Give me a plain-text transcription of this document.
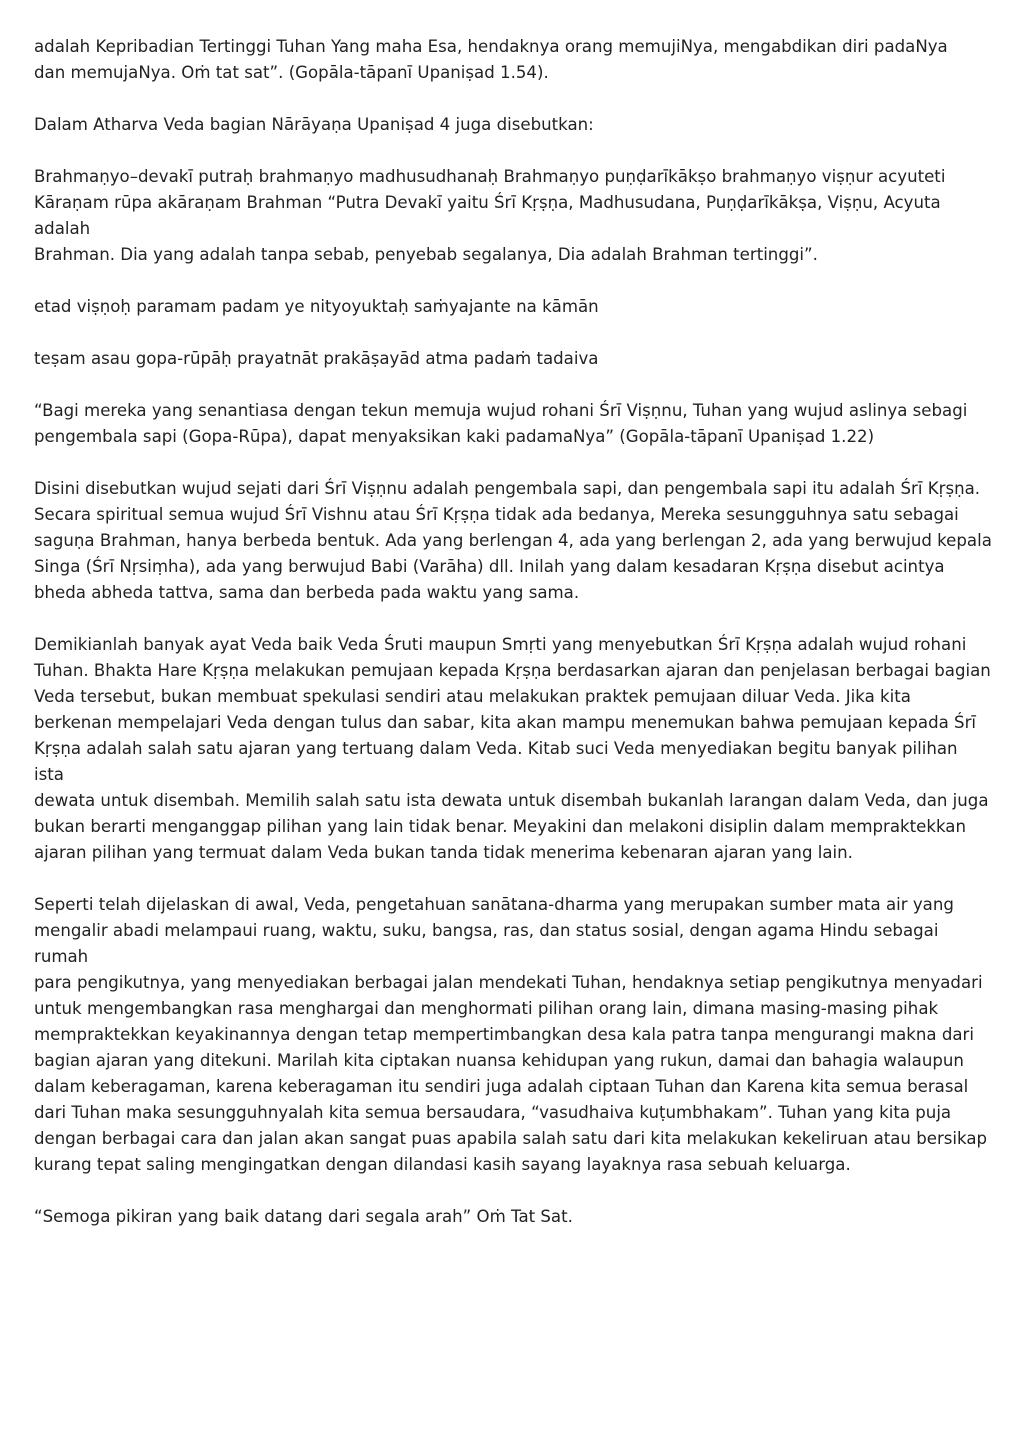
adalah Kepribadian Tertinggi Tuhan Yang maha Esa, hendaknya orang memujiNya, mengabdikan diri padaNya
dan memujaNya. Oṁ tat sat”. (Gopāla-tāpanī Upaniṣad 1.54).

Dalam Atharva Veda bagian Nārāyaṇa Upaniṣad 4 juga disebutkan:

Brahmaṇyo–devakī putraḥ brahmaṇyo madhusudhanaḥ Brahmaṇyo puṇḍarīkākṣo brahmaṇyo viṣṇur acyuteti
Kāraṇam rūpa akāraṇam Brahman “Putra Devakī yaitu Śrī Kṛṣṇa, Madhusudana, Puṇḍarīkākṣa, Viṣṇu, Acyuta adalah
Brahman. Dia yang adalah tanpa sebab, penyebab segalanya, Dia adalah Brahman tertinggi”.

etad viṣṇoḥ paramam padam ye nityoyuktaḥ saṁyajante na kāmān

teṣam asau gopa-rūpāḥ prayatnāt prakāṣayād atma padaṁ tadaiva

“Bagi mereka yang senantiasa dengan tekun memuja wujud rohani Śrī Viṣṇnu, Tuhan yang wujud aslinya sebagi
pengembala sapi (Gopa-Rūpa), dapat menyaksikan kaki padamaNya” (Gopāla-tāpanī Upaniṣad 1.22)

Disini disebutkan wujud sejati dari Śrī Viṣṇnu adalah pengembala sapi, dan pengembala sapi itu adalah Śrī Kṛṣṇa.
Secara spiritual semua wujud Śrī Vishnu atau Śrī Kṛṣṇa tidak ada bedanya, Mereka sesungguhnya satu sebagai
saguṇa Brahman, hanya berbeda bentuk. Ada yang berlengan 4, ada yang berlengan 2, ada yang berwujud kepala
Singa (Śrī Nṛsiṃha), ada yang berwujud Babi (Varāha) dll. Inilah yang dalam kesadaran Kṛṣṇa disebut acintya
bheda abheda tattva, sama dan berbeda pada waktu yang sama.

Demikianlah banyak ayat Veda baik Veda Śruti maupun Smṛti yang menyebutkan Śrī Kṛṣṇa adalah wujud rohani
Tuhan. Bhakta Hare Kṛṣṇa melakukan pemujaan kepada Kṛṣṇa berdasarkan ajaran dan penjelasan berbagai bagian
Veda tersebut, bukan membuat spekulasi sendiri atau melakukan praktek pemujaan diluar Veda. Jika kita
berkenan mempelajari Veda dengan tulus dan sabar, kita akan mampu menemukan bahwa pemujaan kepada Śrī
Kṛṣṇa adalah salah satu ajaran yang tertuang dalam Veda. Kitab suci Veda menyediakan begitu banyak pilihan ista
dewata untuk disembah. Memilih salah satu ista dewata untuk disembah bukanlah larangan dalam Veda, dan juga
bukan berarti menganggap pilihan yang lain tidak benar. Meyakini dan melakoni disiplin dalam mempraktekkan
ajaran pilihan yang termuat dalam Veda bukan tanda tidak menerima kebenaran ajaran yang lain.

Seperti telah dijelaskan di awal, Veda, pengetahuan sanātana-dharma yang merupakan sumber mata air yang
mengalir abadi melampaui ruang, waktu, suku, bangsa, ras, dan status sosial, dengan agama Hindu sebagai rumah
para pengikutnya, yang menyediakan berbagai jalan mendekati Tuhan, hendaknya setiap pengikutnya menyadari
untuk mengembangkan rasa menghargai dan menghormati pilihan orang lain, dimana masing-masing pihak
mempraktekkan keyakinannya dengan tetap mempertimbangkan desa kala patra tanpa mengurangi makna dari
bagian ajaran yang ditekuni. Marilah kita ciptakan nuansa kehidupan yang rukun, damai dan bahagia walaupun
dalam keberagaman, karena keberagaman itu sendiri juga adalah ciptaan Tuhan dan Karena kita semua berasal
dari Tuhan maka sesungguhnyalah kita semua bersaudara, “vasudhaiva kuṭumbhakam”. Tuhan yang kita puja
dengan berbagai cara dan jalan akan sangat puas apabila salah satu dari kita melakukan kekeliruan atau bersikap
kurang tepat saling mengingatkan dengan dilandasi kasih sayang layaknya rasa sebuah keluarga.

“Semoga pikiran yang baik datang dari segala arah” Oṁ Tat Sat.
